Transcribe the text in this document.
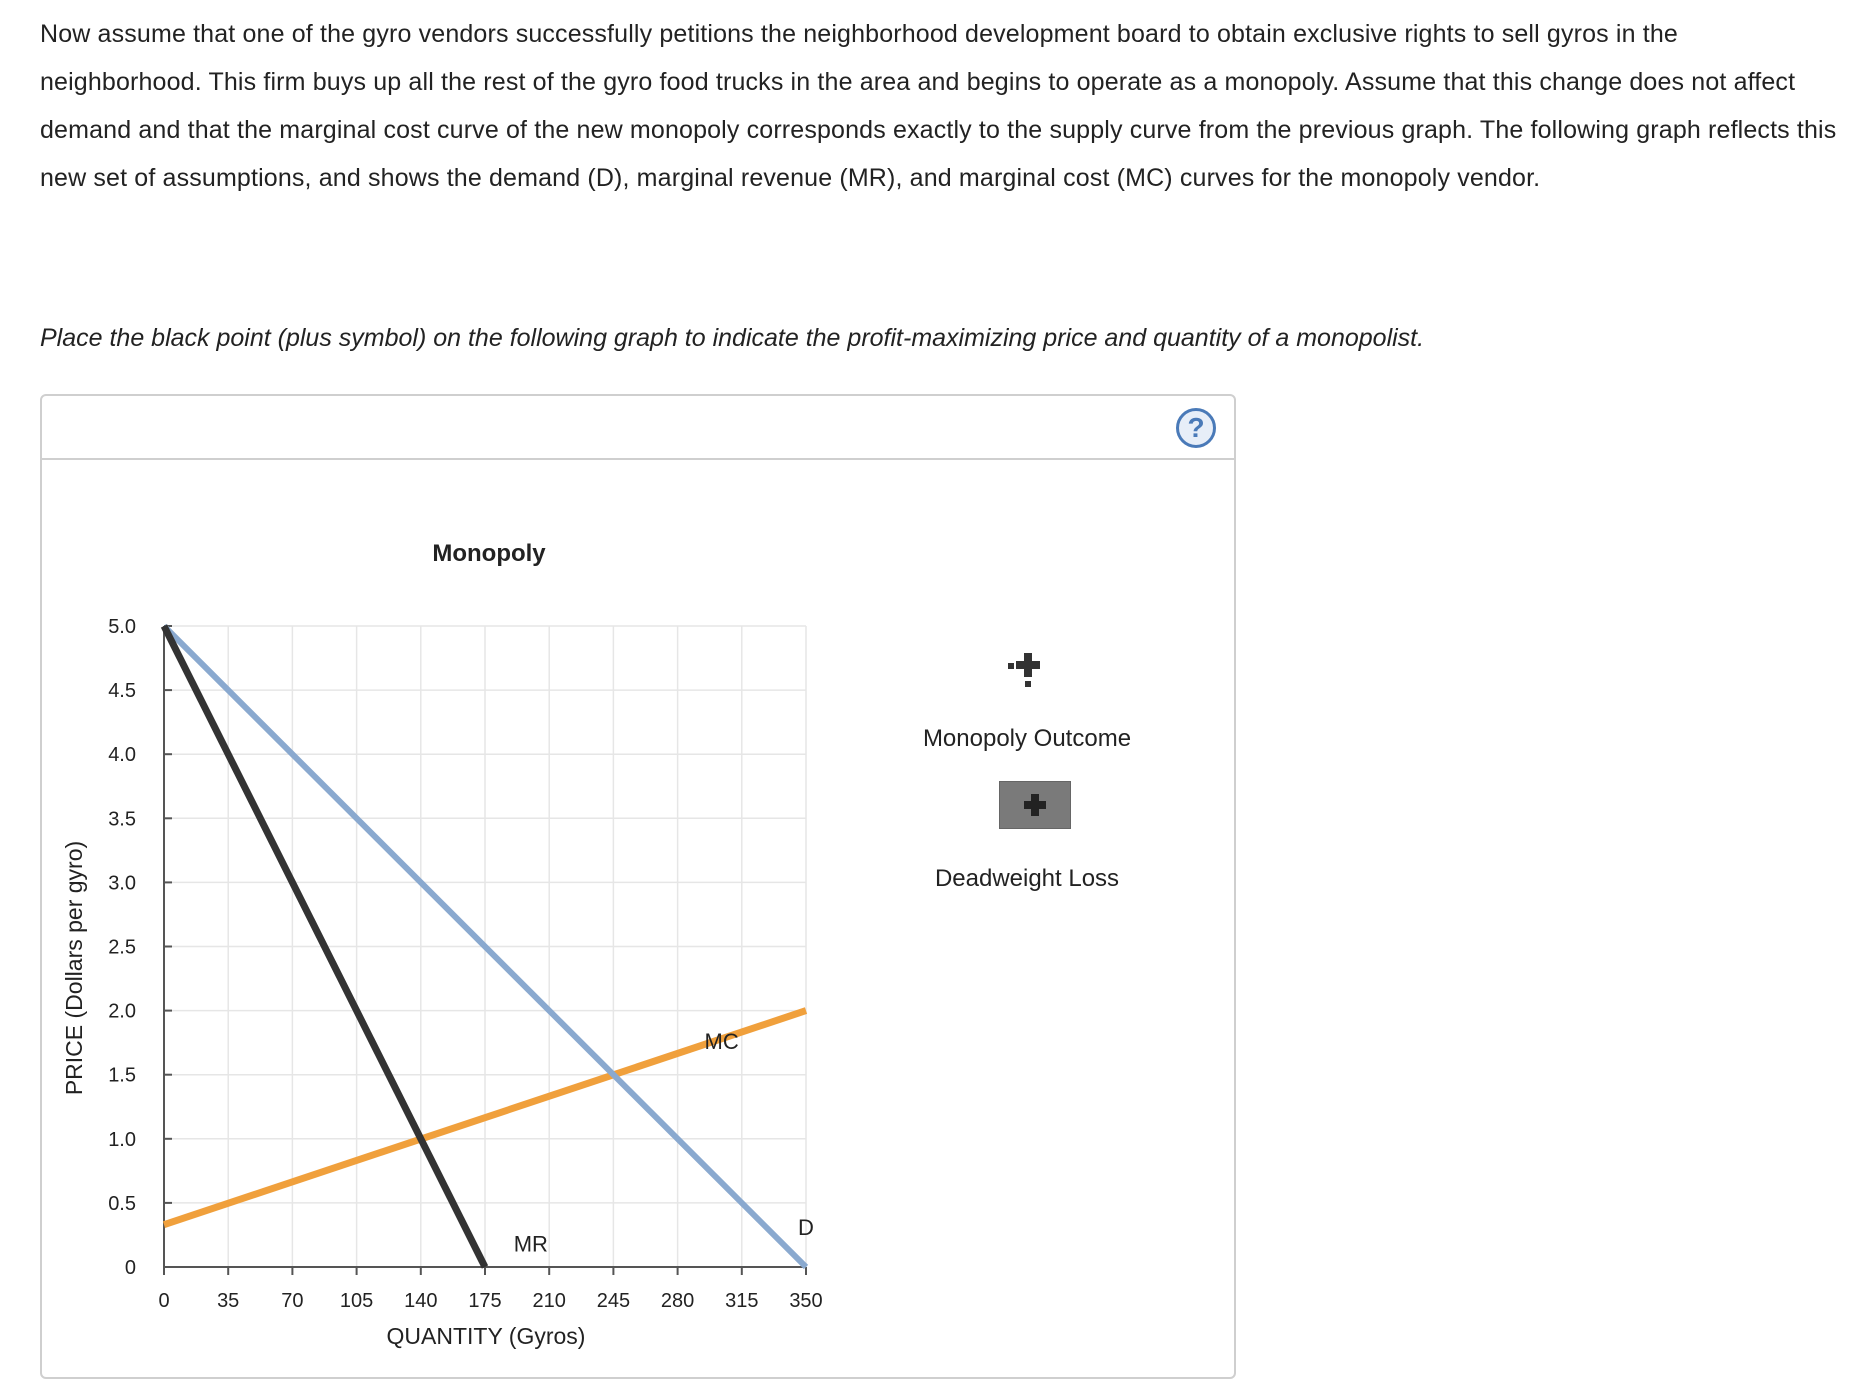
Now assume that one of the gyro vendors successfully petitions the neighborhood development board to obtain exclusive rights to sell gyros in the neighborhood. This firm buys up all the rest of the gyro food trucks in the area and begins to operate as a monopoly. Assume that this change does not affect demand and that the marginal cost curve of the new monopoly corresponds exactly to the supply curve from the previous graph. The following graph reflects this new set of assumptions, and shows the demand (D), marginal revenue (MR), and marginal cost (MC) curves for the monopoly vendor.

Place the black point (plus symbol) on the following graph to indicate the profit-maximizing price and quantity of a monopolist.

?
Monopoly
0 35 70 105 140 175 210 245 280 315 350
0
0.5
1.0
1.5
2.0
2.5
3.0
3.5
4.0
4.5
5.0
D
MR
MC
QUANTITY (Gyros)
PRICE (Dollars per gyro)
Monopoly Outcome
Deadweight Loss
